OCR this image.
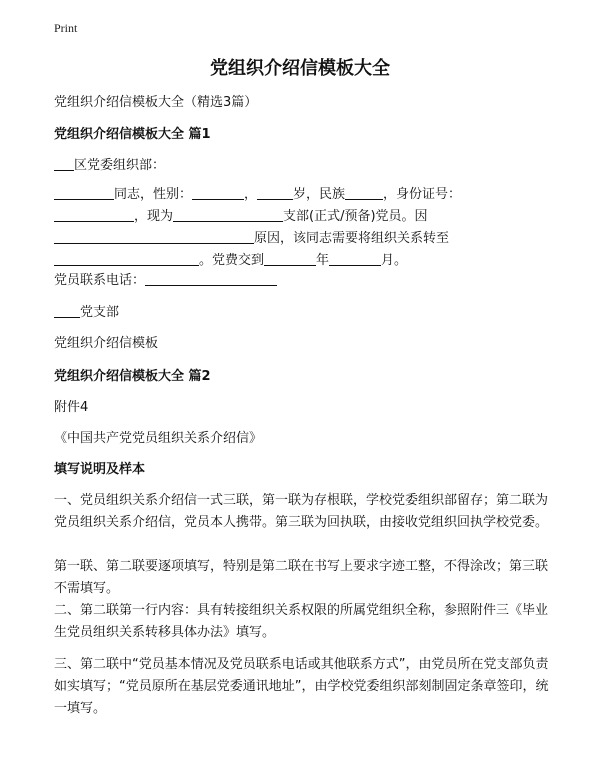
Print
党组织介绍信模板大全
党组织介绍信模板大全（精选3篇）
党组织介绍信模板大全 篇1
区党委组织部：
同志，性别：	，	岁，民族	，身份证号：
，现为	支部(正式/预备)党员。因
原因，该同志需要将组织关系转至
。党费交到	年	月。
党员联系电话：
党支部
党组织介绍信模板
党组织介绍信模板大全 篇2
附件4
《中国共产党党员组织关系介绍信》
填写说明及样本
一、党员组织关系介绍信一式三联，第一联为存根联，学校党委组织部留存；第二联为党员组织关系介绍信，党员本人携带。第三联为回执联，由接收党组织回执学校党委。
第一联、第二联要逐项填写，特别是第二联在书写上要求字迹工整，不得涂改；第三联不需填写。
二、第二联第一行内容：具有转接组织关系权限的所属党组织全称，参照附件三《毕业生党员组织关系转移具体办法》填写。
三、第二联中“党员基本情况及党员联系电话或其他联系方式”，由党员所在党支部负责如实填写；“党员原所在基层党委通讯地址”，由学校党委组织部刻制固定条章签印，统一填写。
